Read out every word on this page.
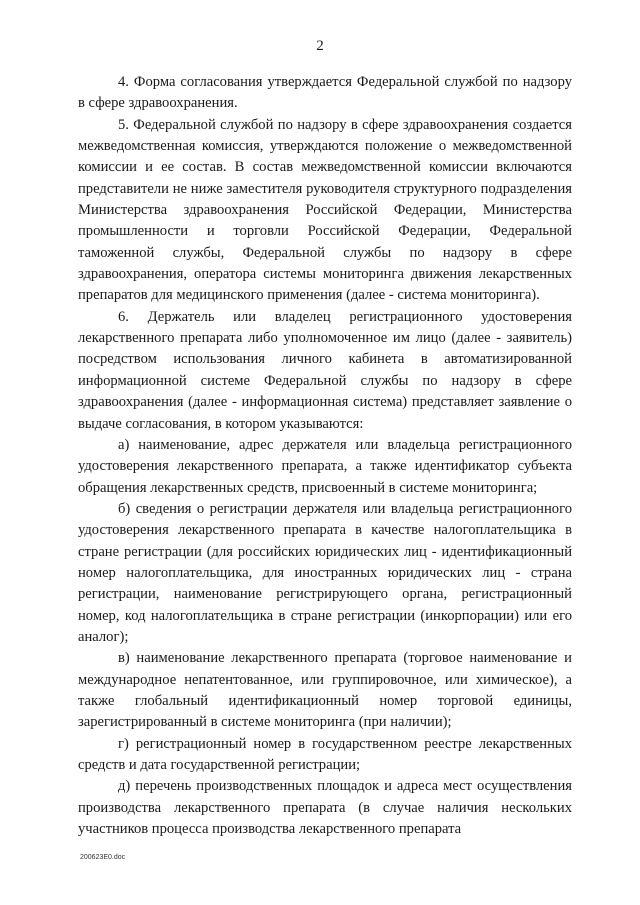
2

4. Форма согласования утверждается Федеральной службой по надзору в сфере здравоохранения.

5. Федеральной службой по надзору в сфере здравоохранения создается межведомственная комиссия, утверждаются положение о межведомственной комиссии и ее состав. В состав межведомственной комиссии включаются представители не ниже заместителя руководителя структурного подразделения Министерства здравоохранения Российской Федерации, Министерства промышленности и торговли Российской Федерации, Федеральной таможенной службы, Федеральной службы по надзору в сфере здравоохранения, оператора системы мониторинга движения лекарственных препаратов для медицинского применения (далее - система мониторинга).

6. Держатель или владелец регистрационного удостоверения лекарственного препарата либо уполномоченное им лицо (далее - заявитель) посредством использования личного кабинета в автоматизированной информационной системе Федеральной службы по надзору в сфере здравоохранения (далее - информационная система) представляет заявление о выдаче согласования, в котором указываются:

а) наименование, адрес держателя или владельца регистрационного удостоверения лекарственного препарата, а также идентификатор субъекта обращения лекарственных средств, присвоенный в системе мониторинга;

б) сведения о регистрации держателя или владельца регистрационного удостоверения лекарственного препарата в качестве налогоплательщика в стране регистрации (для российских юридических лиц - идентификационный номер налогоплательщика, для иностранных юридических лиц - страна регистрации, наименование регистрирующего органа, регистрационный номер, код налогоплательщика в стране регистрации (инкорпорации) или его аналог);

в) наименование лекарственного препарата (торговое наименование и международное непатентованное, или группировочное, или химическое), а также глобальный идентификационный номер торговой единицы, зарегистрированный в системе мониторинга (при наличии);

г) регистрационный номер в государственном реестре лекарственных средств и дата государственной регистрации;

д) перечень производственных площадок и адреса мест осуществления производства лекарственного препарата (в случае наличия нескольких участников процесса производства лекарственного препарата

200623E0.doc
